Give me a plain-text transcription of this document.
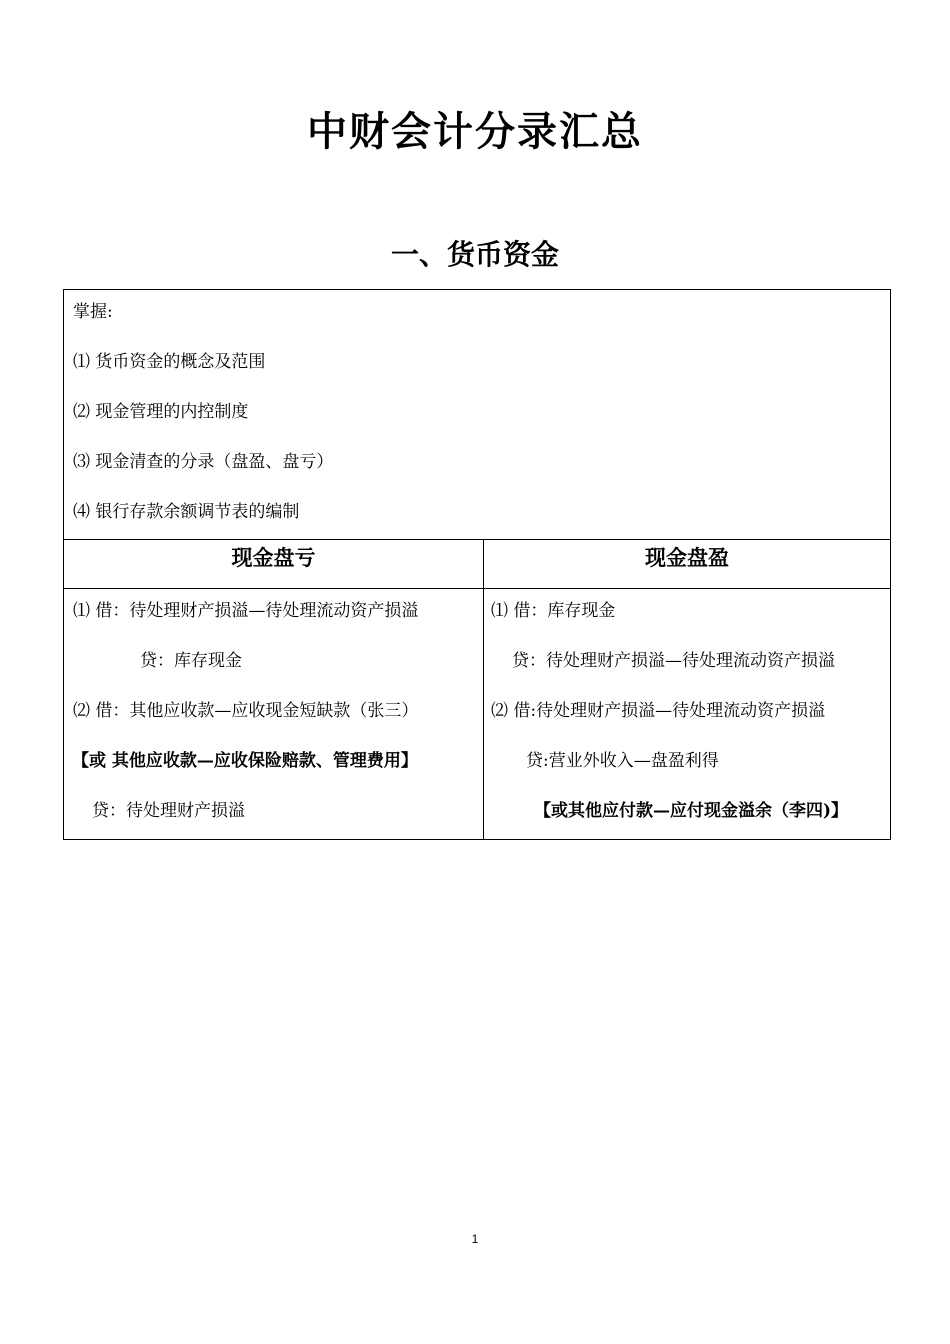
中财会计分录汇总
一、货币资金
掌握:
⑴ 货币资金的概念及范围
⑵ 现金管理的内控制度
⑶ 现金清查的分录（盘盈、盘亏）
⑷ 银行存款余额调节表的编制
现金盘亏
⑴ 借：待处理财产损溢—待处理流动资产损溢
贷：库存现金
⑵ 借：其他应收款—应收现金短缺款（张三）
【或 其他应收款—应收保险赔款、管理费用】
贷：待处理财产损溢
现金盘盈
⑴ 借：库存现金
贷：待处理财产损溢—待处理流动资产损溢
⑵ 借:待处理财产损溢—待处理流动资产损溢
贷:营业外收入—盘盈利得
【或其他应付款—应付现金溢余（李四)】
1
